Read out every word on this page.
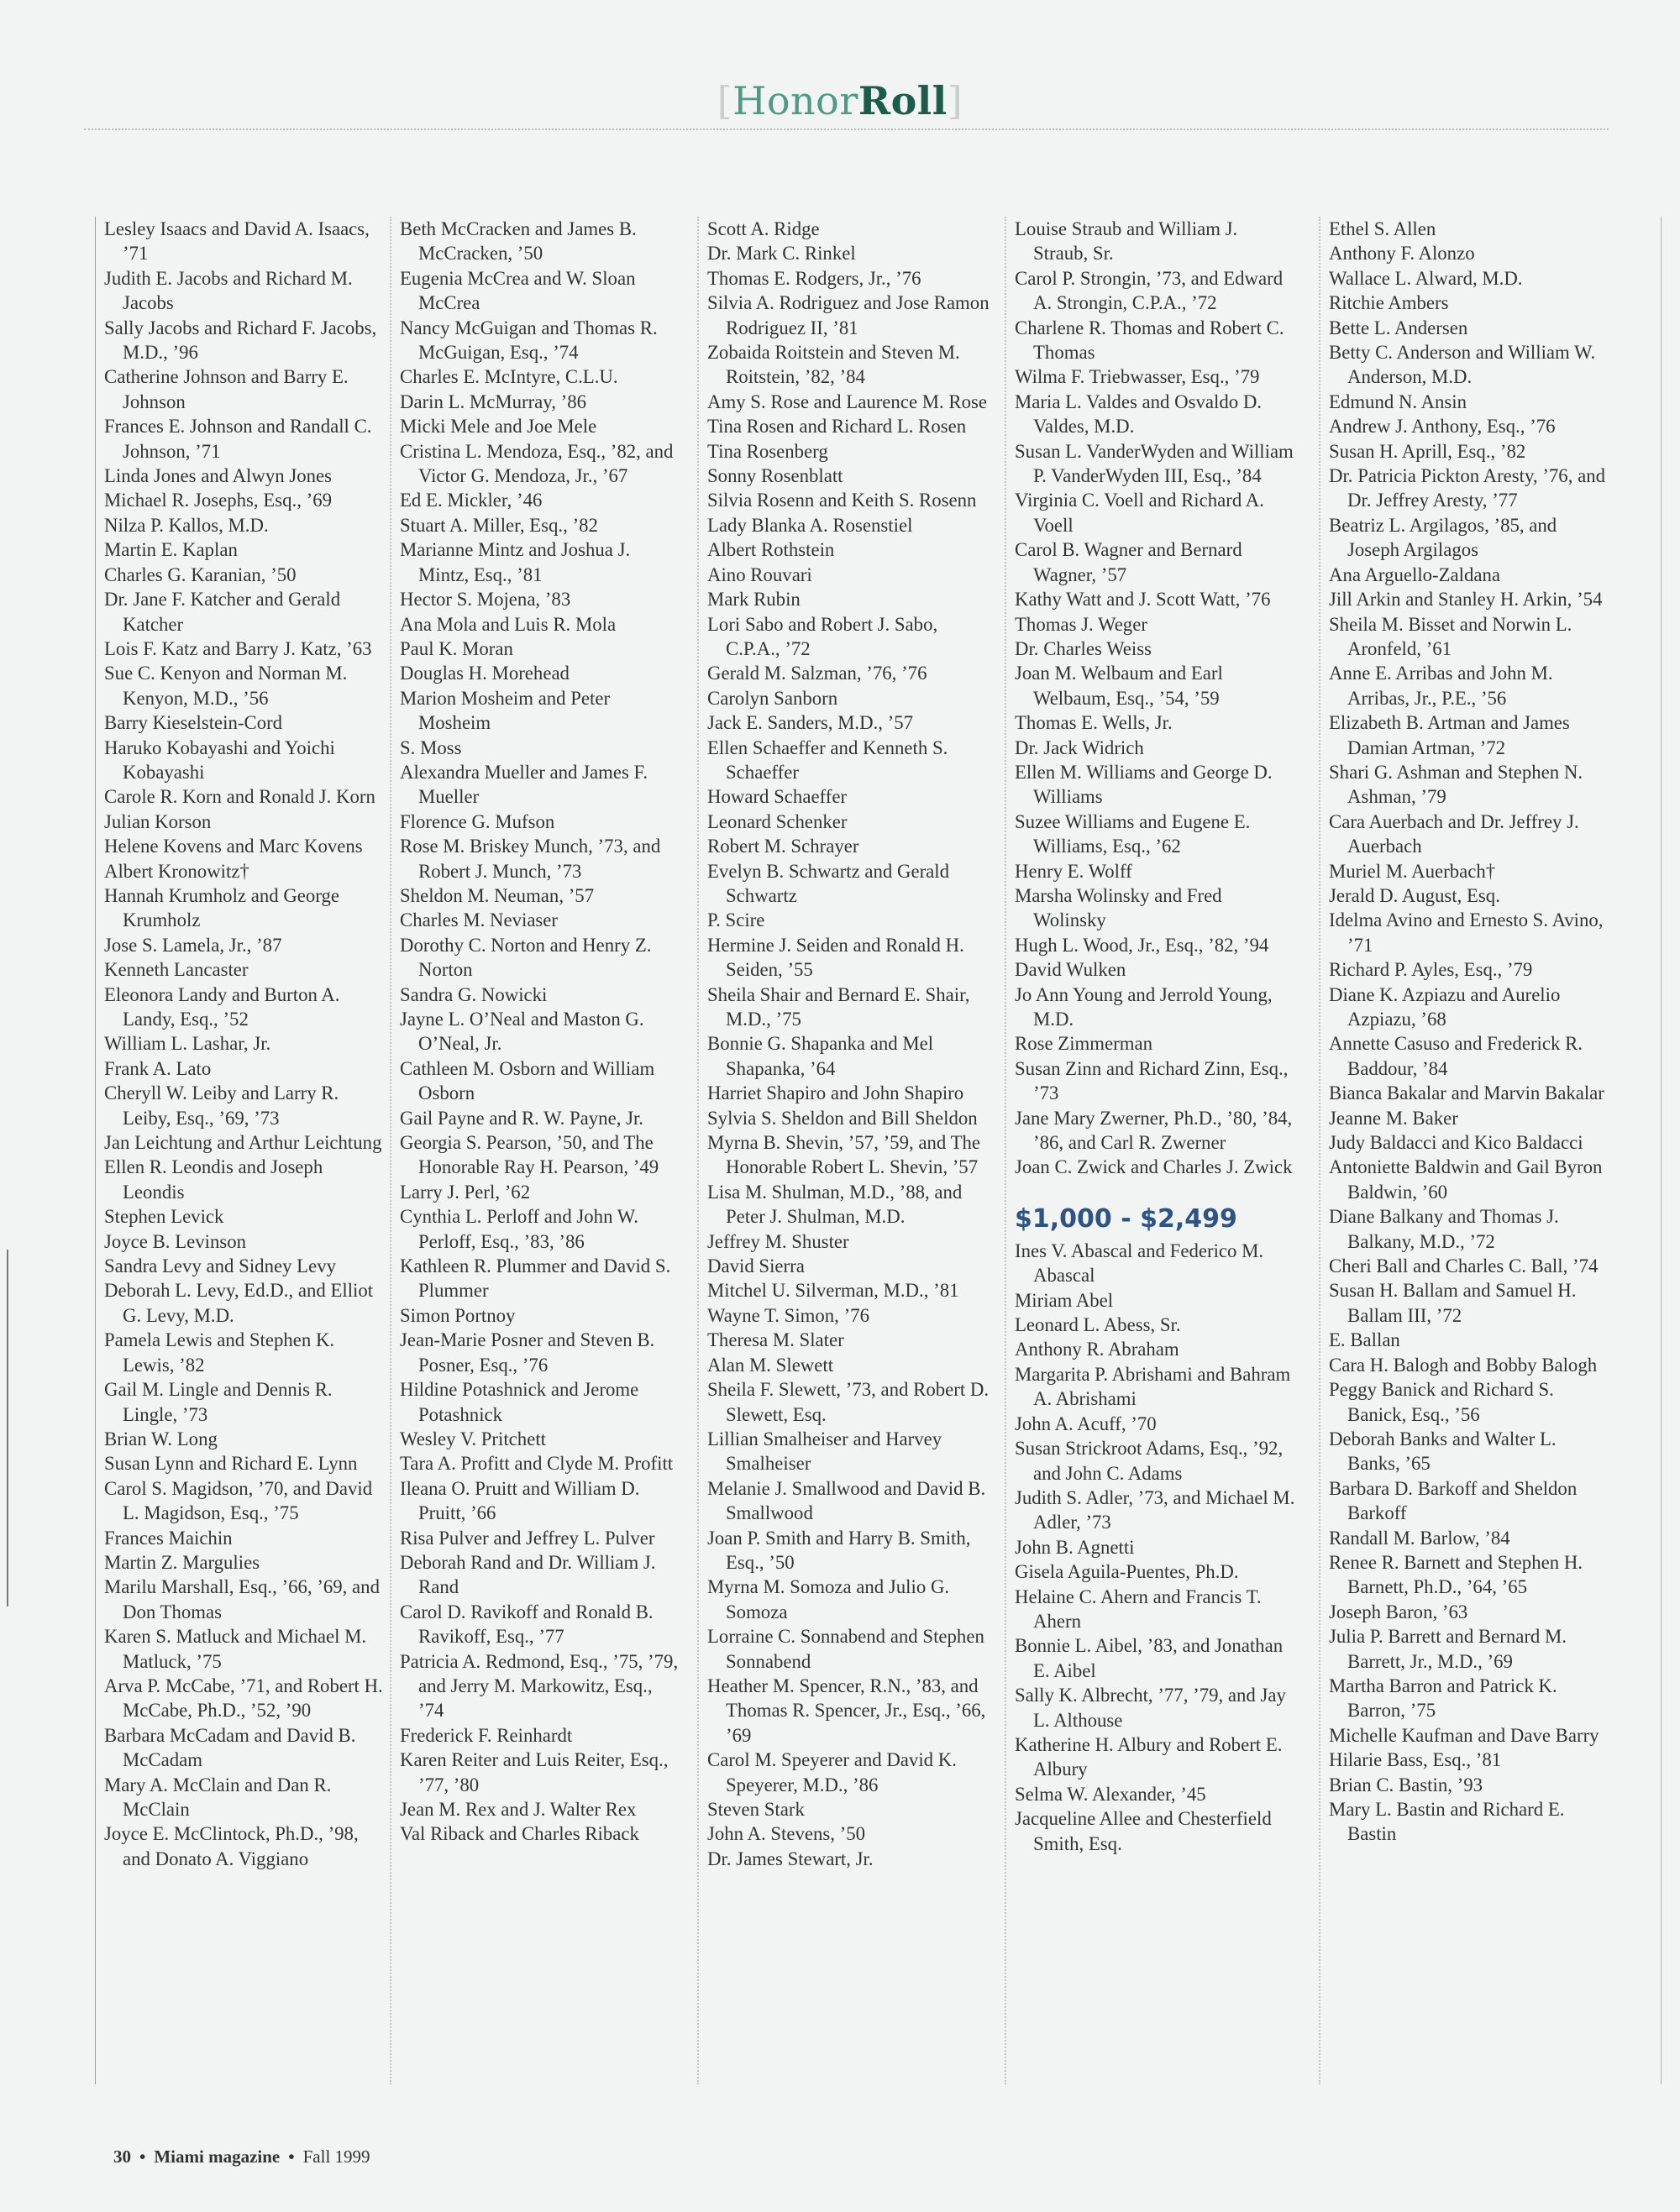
[HonorRoll]

Lesley Isaacs and David A. Isaacs, ’71

Judith E. Jacobs and Richard M. Jacobs

Sally Jacobs and Richard F. Jacobs, M.D., ’96

Catherine Johnson and Barry E. Johnson

Frances E. Johnson and Randall C. Johnson, ’71

Linda Jones and Alwyn Jones

Michael R. Josephs, Esq., ’69

Nilza P. Kallos, M.D.

Martin E. Kaplan

Charles G. Karanian, ’50

Dr. Jane F. Katcher and Gerald Katcher

Lois F. Katz and Barry J. Katz, ’63

Sue C. Kenyon and Norman M. Kenyon, M.D., ’56

Barry Kieselstein-Cord

Haruko Kobayashi and Yoichi Kobayashi

Carole R. Korn and Ronald J. Korn

Julian Korson

Helene Kovens and Marc Kovens

Albert Kronowitz†

Hannah Krumholz and George Krumholz

Jose S. Lamela, Jr., ’87

Kenneth Lancaster

Eleonora Landy and Burton A. Landy, Esq., ’52

William L. Lashar, Jr.

Frank A. Lato

Cheryll W. Leiby and Larry R. Leiby, Esq., ’69, ’73

Jan Leichtung and Arthur Leichtung

Ellen R. Leondis and Joseph Leondis

Stephen Levick

Joyce B. Levinson

Sandra Levy and Sidney Levy

Deborah L. Levy, Ed.D., and Elliot G. Levy, M.D.

Pamela Lewis and Stephen K. Lewis, ’82

Gail M. Lingle and Dennis R. Lingle, ’73

Brian W. Long

Susan Lynn and Richard E. Lynn

Carol S. Magidson, ’70, and David L. Magidson, Esq., ’75

Frances Maichin

Martin Z. Margulies

Marilu Marshall, Esq., ’66, ’69, and Don Thomas

Karen S. Matluck and Michael M. Matluck, ’75

Arva P. McCabe, ’71, and Robert H. McCabe, Ph.D., ’52, ’90

Barbara McCadam and David B. McCadam

Mary A. McClain and Dan R. McClain

Joyce E. McClintock, Ph.D., ’98, and Donato A. Viggiano

Beth McCracken and James B. McCracken, ’50

Eugenia McCrea and W. Sloan McCrea

Nancy McGuigan and Thomas R. McGuigan, Esq., ’74

Charles E. McIntyre, C.L.U.

Darin L. McMurray, ’86

Micki Mele and Joe Mele

Cristina L. Mendoza, Esq., ’82, and Victor G. Mendoza, Jr., ’67

Ed E. Mickler, ’46

Stuart A. Miller, Esq., ’82

Marianne Mintz and Joshua J. Mintz, Esq., ’81

Hector S. Mojena, ’83

Ana Mola and Luis R. Mola

Paul K. Moran

Douglas H. Morehead

Marion Mosheim and Peter Mosheim

S. Moss

Alexandra Mueller and James F. Mueller

Florence G. Mufson

Rose M. Briskey Munch, ’73, and Robert J. Munch, ’73

Sheldon M. Neuman, ’57

Charles M. Neviaser

Dorothy C. Norton and Henry Z. Norton

Sandra G. Nowicki

Jayne L. O’Neal and Maston G. O’Neal, Jr.

Cathleen M. Osborn and William Osborn

Gail Payne and R. W. Payne, Jr.

Georgia S. Pearson, ’50, and The Honorable Ray H. Pearson, ’49

Larry J. Perl, ’62

Cynthia L. Perloff and John W. Perloff, Esq., ’83, ’86

Kathleen R. Plummer and David S. Plummer

Simon Portnoy

Jean-Marie Posner and Steven B. Posner, Esq., ’76

Hildine Potashnick and Jerome Potashnick

Wesley V. Pritchett

Tara A. Profitt and Clyde M. Profitt

Ileana O. Pruitt and William D. Pruitt, ’66

Risa Pulver and Jeffrey L. Pulver

Deborah Rand and Dr. William J. Rand

Carol D. Ravikoff and Ronald B. Ravikoff, Esq., ’77

Patricia A. Redmond, Esq., ’75, ’79, and Jerry M. Markowitz, Esq., ’74

Frederick F. Reinhardt

Karen Reiter and Luis Reiter, Esq., ’77, ’80

Jean M. Rex and J. Walter Rex

Val Riback and Charles Riback

Scott A. Ridge

Dr. Mark C. Rinkel

Thomas E. Rodgers, Jr., ’76

Silvia A. Rodriguez and Jose Ramon Rodriguez II, ’81

Zobaida Roitstein and Steven M. Roitstein, ’82, ’84

Amy S. Rose and Laurence M. Rose

Tina Rosen and Richard L. Rosen

Tina Rosenberg

Sonny Rosenblatt

Silvia Rosenn and Keith S. Rosenn

Lady Blanka A. Rosenstiel

Albert Rothstein

Aino Rouvari

Mark Rubin

Lori Sabo and Robert J. Sabo, C.P.A., ’72

Gerald M. Salzman, ’76, ’76

Carolyn Sanborn

Jack E. Sanders, M.D., ’57

Ellen Schaeffer and Kenneth S. Schaeffer

Howard Schaeffer

Leonard Schenker

Robert M. Schrayer

Evelyn B. Schwartz and Gerald Schwartz

P. Scire

Hermine J. Seiden and Ronald H. Seiden, ’55

Sheila Shair and Bernard E. Shair, M.D., ’75

Bonnie G. Shapanka and Mel Shapanka, ’64

Harriet Shapiro and John Shapiro

Sylvia S. Sheldon and Bill Sheldon

Myrna B. Shevin, ’57, ’59, and The Honorable Robert L. Shevin, ’57

Lisa M. Shulman, M.D., ’88, and Peter J. Shulman, M.D.

Jeffrey M. Shuster

David Sierra

Mitchel U. Silverman, M.D., ’81

Wayne T. Simon, ’76

Theresa M. Slater

Alan M. Slewett

Sheila F. Slewett, ’73, and Robert D. Slewett, Esq.

Lillian Smalheiser and Harvey Smalheiser

Melanie J. Smallwood and David B. Smallwood

Joan P. Smith and Harry B. Smith, Esq., ’50

Myrna M. Somoza and Julio G. Somoza

Lorraine C. Sonnabend and Stephen Sonnabend

Heather M. Spencer, R.N., ’83, and Thomas R. Spencer, Jr., Esq., ’66, ’69

Carol M. Speyerer and David K. Speyerer, M.D., ’86

Steven Stark

John A. Stevens, ’50

Dr. James Stewart, Jr.

Louise Straub and William J. Straub, Sr.

Carol P. Strongin, ’73, and Edward A. Strongin, C.P.A., ’72

Charlene R. Thomas and Robert C. Thomas

Wilma F. Triebwasser, Esq., ’79

Maria L. Valdes and Osvaldo D. Valdes, M.D.

Susan L. VanderWyden and William P. VanderWyden III, Esq., ’84

Virginia C. Voell and Richard A. Voell

Carol B. Wagner and Bernard Wagner, ’57

Kathy Watt and J. Scott Watt, ’76

Thomas J. Weger

Dr. Charles Weiss

Joan M. Welbaum and Earl Welbaum, Esq., ’54, ’59

Thomas E. Wells, Jr.

Dr. Jack Widrich

Ellen M. Williams and George D. Williams

Suzee Williams and Eugene E. Williams, Esq., ’62

Henry E. Wolff

Marsha Wolinsky and Fred Wolinsky

Hugh L. Wood, Jr., Esq., ’82, ’94

David Wulken

Jo Ann Young and Jerrold Young, M.D.

Rose Zimmerman

Susan Zinn and Richard Zinn, Esq., ’73

Jane Mary Zwerner, Ph.D., ’80, ’84, ’86, and Carl R. Zwerner

Joan C. Zwick and Charles J. Zwick

$1,000 - $2,499

Ines V. Abascal and Federico M. Abascal

Miriam Abel

Leonard L. Abess, Sr.

Anthony R. Abraham

Margarita P. Abrishami and Bahram A. Abrishami

John A. Acuff, ’70

Susan Strickroot Adams, Esq., ’92, and John C. Adams

Judith S. Adler, ’73, and Michael M. Adler, ’73

John B. Agnetti

Gisela Aguila-Puentes, Ph.D.

Helaine C. Ahern and Francis T. Ahern

Bonnie L. Aibel, ’83, and Jonathan E. Aibel

Sally K. Albrecht, ’77, ’79, and Jay L. Althouse

Katherine H. Albury and Robert E. Albury

Selma W. Alexander, ’45

Jacqueline Allee and Chesterfield Smith, Esq.

Ethel S. Allen

Anthony F. Alonzo

Wallace L. Alward, M.D.

Ritchie Ambers

Bette L. Andersen

Betty C. Anderson and William W. Anderson, M.D.

Edmund N. Ansin

Andrew J. Anthony, Esq., ’76

Susan H. Aprill, Esq., ’82

Dr. Patricia Pickton Aresty, ’76, and Dr. Jeffrey Aresty, ’77

Beatriz L. Argilagos, ’85, and Joseph Argilagos

Ana Arguello-Zaldana

Jill Arkin and Stanley H. Arkin, ’54

Sheila M. Bisset and Norwin L. Aronfeld, ’61

Anne E. Arribas and John M. Arribas, Jr., P.E., ’56

Elizabeth B. Artman and James Damian Artman, ’72

Shari G. Ashman and Stephen N. Ashman, ’79

Cara Auerbach and Dr. Jeffrey J. Auerbach

Muriel M. Auerbach†

Jerald D. August, Esq.

Idelma Avino and Ernesto S. Avino, ’71

Richard P. Ayles, Esq., ’79

Diane K. Azpiazu and Aurelio Azpiazu, ’68

Annette Casuso and Frederick R. Baddour, ’84

Bianca Bakalar and Marvin Bakalar

Jeanne M. Baker

Judy Baldacci and Kico Baldacci

Antoniette Baldwin and Gail Byron Baldwin, ’60

Diane Balkany and Thomas J. Balkany, M.D., ’72

Cheri Ball and Charles C. Ball, ’74

Susan H. Ballam and Samuel H. Ballam III, ’72

E. Ballan

Cara H. Balogh and Bobby Balogh

Peggy Banick and Richard S. Banick, Esq., ’56

Deborah Banks and Walter L. Banks, ’65

Barbara D. Barkoff and Sheldon Barkoff

Randall M. Barlow, ’84

Renee R. Barnett and Stephen H. Barnett, Ph.D., ’64, ’65

Joseph Baron, ’63

Julia P. Barrett and Bernard M. Barrett, Jr., M.D., ’69

Martha Barron and Patrick K. Barron, ’75

Michelle Kaufman and Dave Barry

Hilarie Bass, Esq., ’81

Brian C. Bastin, ’93

Mary L. Bastin and Richard E. Bastin

30 • Miami magazine • Fall 1999
